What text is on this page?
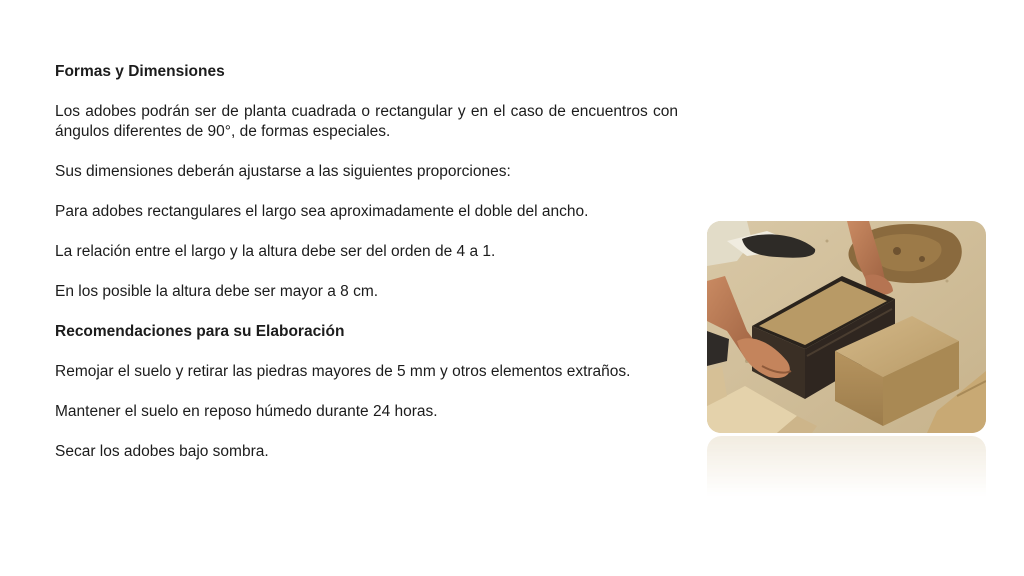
Formas y Dimensiones
Los adobes podrán ser de planta cuadrada o rectangular y en el caso de encuentros con ángulos diferentes de 90°, de formas especiales.
Sus dimensiones deberán ajustarse a las siguientes proporciones:
Para adobes rectangulares el largo sea aproximadamente el doble del ancho.
La relación entre el largo y la altura debe ser del orden de 4 a 1.
En los posible la altura debe ser mayor a 8 cm.
Recomendaciones para su Elaboración
Remojar el suelo y retirar las piedras mayores de 5 mm y otros elementos extraños.
Mantener el suelo en reposo húmedo durante 24 horas.
Secar los adobes bajo sombra.
